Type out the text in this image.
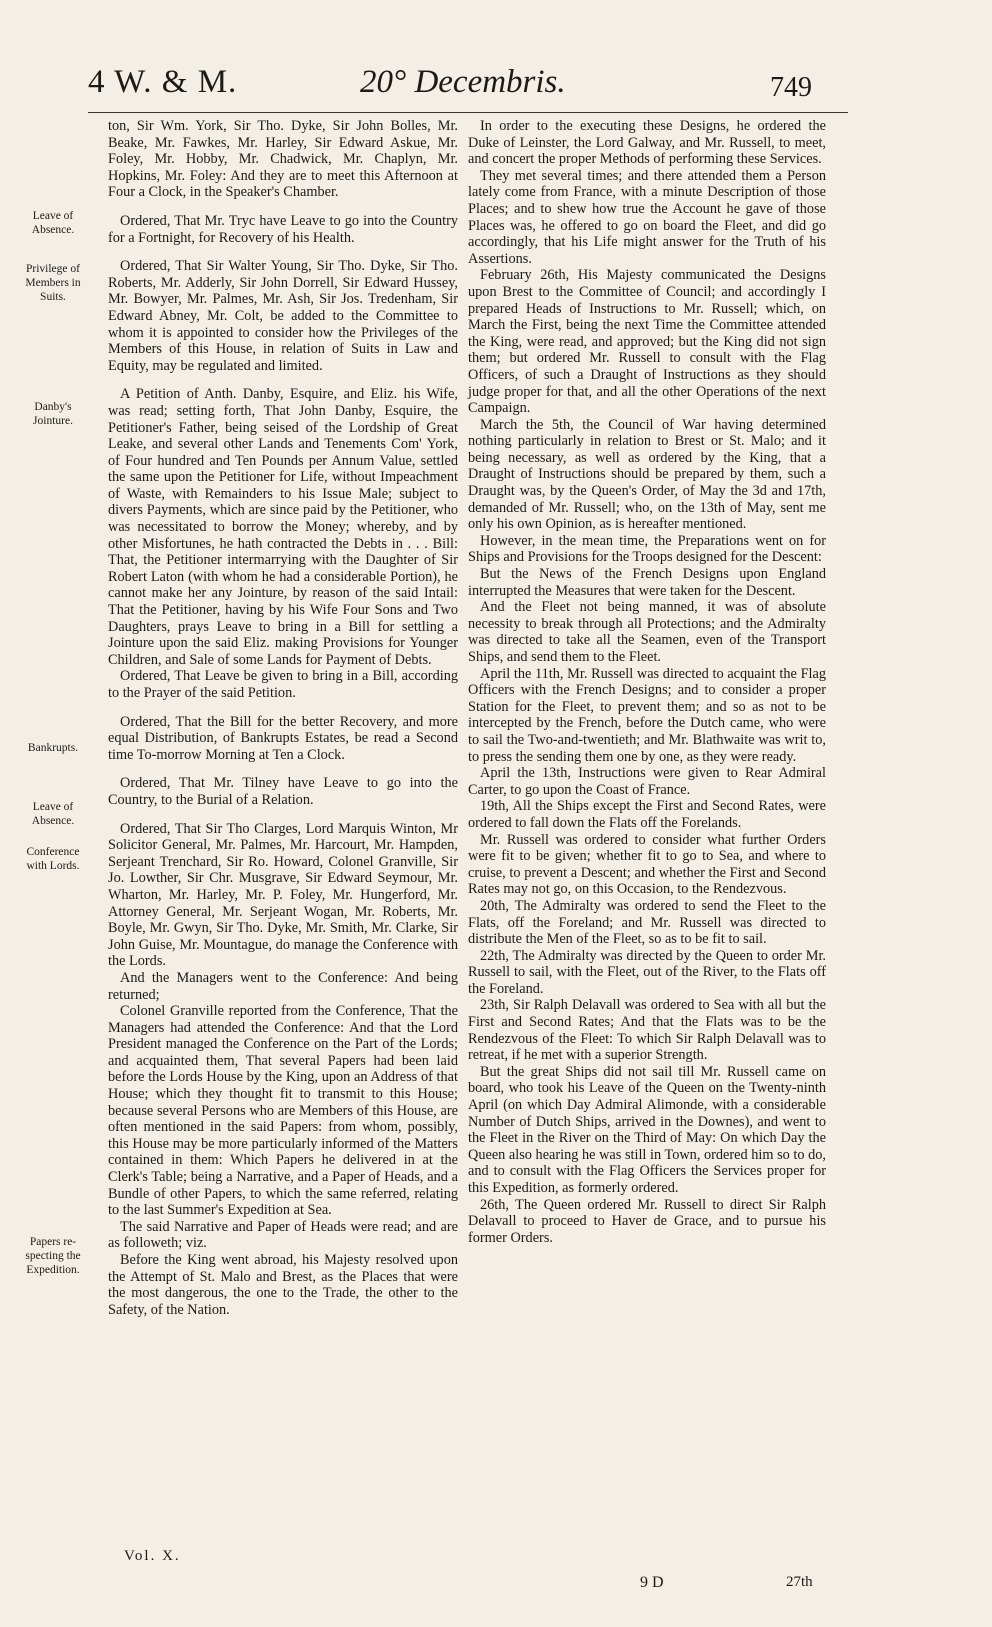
4 W. & M.	20° Decembris.	749

Leave of

Absence.

Privilege of

Members in

Suits.

Danby's

Jointure.

Bankrupts.

Leave of

Absence.

Conference

with Lords.

Papers re-

specting the

Expedition.

ton, Sir Wm. York, Sir Tho. Dyke, Sir John Bolles, Mr. Beake, Mr. Fawkes, Mr. Harley, Sir Edward Askue, Mr. Foley, Mr. Hobby, Mr. Chadwick, Mr. Chaplyn, Mr. Hopkins, Mr. Foley: And they are to meet this Afternoon at Four a Clock, in the Speaker's Chamber.

Ordered, That Mr. Tryc have Leave to go into the Country for a Fortnight, for Recovery of his Health.

Ordered, That Sir Walter Young, Sir Tho. Dyke, Sir Tho. Roberts, Mr. Adderly, Sir John Dorrell, Sir Edward Hussey, Mr. Bowyer, Mr. Palmes, Mr. Ash, Sir Jos. Tredenham, Sir Edward Abney, Mr. Colt, be added to the Committee to whom it is appointed to consider how the Privileges of the Members of this House, in relation of Suits in Law and Equity, may be regulated and limited.

A Petition of Anth. Danby, Esquire, and Eliz. his Wife, was read; setting forth, That John Danby, Esquire, the Petitioner's Father, being seised of the Lordship of Great Leake, and several other Lands and Tenements Com' York, of Four hundred and Ten Pounds per Annum Value, settled the same upon the Petitioner for Life, without Impeachment of Waste, with Remainders to his Issue Male; subject to divers Payments, which are since paid by the Petitioner, who was necessitated to borrow the Money; whereby, and by other Misfortunes, he hath contracted the Debts in . . . Bill: That, the Petitioner intermarrying with the Daughter of Sir Robert Laton (with whom he had a considerable Portion), he cannot make her any Jointure, by reason of the said Intail: That the Petitioner, having by his Wife Four Sons and Two Daughters, prays Leave to bring in a Bill for settling a Jointure upon the said Eliz. making Provisions for Younger Children, and Sale of some Lands for Payment of Debts.

Ordered, That Leave be given to bring in a Bill, according to the Prayer of the said Petition.

Ordered, That the Bill for the better Recovery, and more equal Distribution, of Bankrupts Estates, be read a Second time To-morrow Morning at Ten a Clock.

Ordered, That Mr. Tilney have Leave to go into the Country, to the Burial of a Relation.

Ordered, That Sir Tho Clarges, Lord Marquis Winton, Mr Solicitor General, Mr. Palmes, Mr. Harcourt, Mr. Hampden, Serjeant Trenchard, Sir Ro. Howard, Colonel Granville, Sir Jo. Lowther, Sir Chr. Musgrave, Sir Edward Seymour, Mr. Wharton, Mr. Harley, Mr. P. Foley, Mr. Hungerford, Mr. Attorney General, Mr. Serjeant Wogan, Mr. Roberts, Mr. Boyle, Mr. Gwyn, Sir Tho. Dyke, Mr. Smith, Mr. Clarke, Sir John Guise, Mr. Mountague, do manage the Conference with the Lords.

And the Managers went to the Conference: And being returned;

Colonel Granville reported from the Conference, That the Managers had attended the Conference: And that the Lord President managed the Conference on the Part of the Lords; and acquainted them, That several Papers had been laid before the Lords House by the King, upon an Address of that House; which they thought fit to transmit to this House; because several Persons who are Members of this House, are often mentioned in the said Papers: from whom, possibly, this House may be more particularly informed of the Matters contained in them: Which Papers he delivered in at the Clerk's Table; being a Narrative, and a Paper of Heads, and a Bundle of other Papers, to which the same referred, relating to the last Summer's Expedition at Sea.

The said Narrative and Paper of Heads were read; and are as followeth; viz.

Before the King went abroad, his Majesty resolved upon the Attempt of St. Malo and Brest, as the Places that were the most dangerous, the one to the Trade, the other to the Safety, of the Nation.

In order to the executing these Designs, he ordered the Duke of Leinster, the Lord Galway, and Mr. Russell, to meet, and concert the proper Methods of performing these Services.

They met several times; and there attended them a Person lately come from France, with a minute Description of those Places; and to shew how true the Account he gave of those Places was, he offered to go on board the Fleet, and did go accordingly, that his Life might answer for the Truth of his Assertions.

February 26th, His Majesty communicated the Designs upon Brest to the Committee of Council; and accordingly I prepared Heads of Instructions to Mr. Russell; which, on March the First, being the next Time the Committee attended the King, were read, and approved; but the King did not sign them; but ordered Mr. Russell to consult with the Flag Officers, of such a Draught of Instructions as they should judge proper for that, and all the other Operations of the next Campaign.

March the 5th, the Council of War having determined nothing particularly in relation to Brest or St. Malo; and it being necessary, as well as ordered by the King, that a Draught of Instructions should be prepared by them, such a Draught was, by the Queen's Order, of May the 3d and 17th, demanded of Mr. Russell; who, on the 13th of May, sent me only his own Opinion, as is hereafter mentioned.

However, in the mean time, the Preparations went on for Ships and Provisions for the Troops designed for the Descent:

But the News of the French Designs upon England interrupted the Measures that were taken for the Descent.

And the Fleet not being manned, it was of absolute necessity to break through all Protections; and the Admiralty was directed to take all the Seamen, even of the Transport Ships, and send them to the Fleet.

April the 11th, Mr. Russell was directed to acquaint the Flag Officers with the French Designs; and to consider a proper Station for the Fleet, to prevent them; and so as not to be intercepted by the French, before the Dutch came, who were to sail the Two-and-twentieth; and Mr. Blathwaite was writ to, to press the sending them one by one, as they were ready.

April the 13th, Instructions were given to Rear Admiral Carter, to go upon the Coast of France.

19th, All the Ships except the First and Second Rates, were ordered to fall down the Flats off the Forelands.

Mr. Russell was ordered to consider what further Orders were fit to be given; whether fit to go to Sea, and where to cruise, to prevent a Descent; and whether the First and Second Rates may not go, on this Occasion, to the Rendezvous.

20th, The Admiralty was ordered to send the Fleet to the Flats, off the Foreland; and Mr. Russell was directed to distribute the Men of the Fleet, so as to be fit to sail.

22th, The Admiralty was directed by the Queen to order Mr. Russell to sail, with the Fleet, out of the River, to the Flats off the Foreland.

23th, Sir Ralph Delavall was ordered to Sea with all but the First and Second Rates; And that the Flats was to be the Rendezvous of the Fleet: To which Sir Ralph Delavall was to retreat, if he met with a superior Strength.

But the great Ships did not sail till Mr. Russell came on board, who took his Leave of the Queen on the Twenty-ninth April (on which Day Admiral Alimonde, with a considerable Number of Dutch Ships, arrived in the Downes), and went to the Fleet in the River on the Third of May: On which Day the Queen also hearing he was still in Town, ordered him so to do, and to consult with the Flag Officers the Services proper for this Expedition, as formerly ordered.

26th, The Queen ordered Mr. Russell to direct Sir Ralph Delavall to proceed to Haver de Grace, and to pursue his former Orders.

Vol. X.
9 D	27th
